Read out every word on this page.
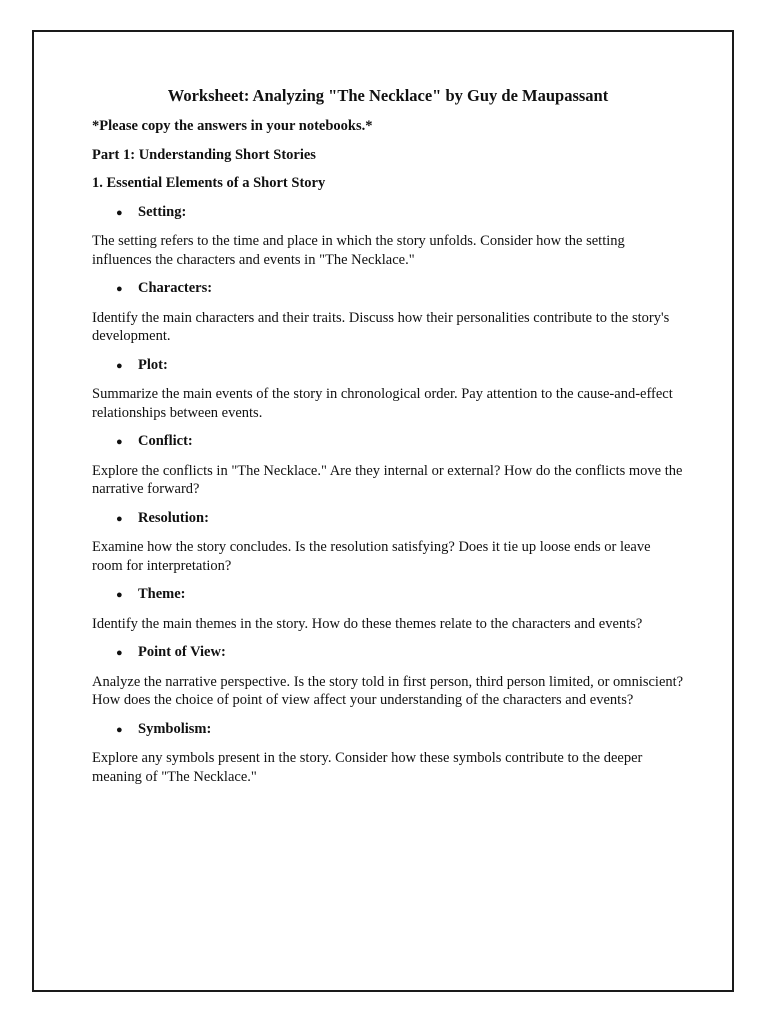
Worksheet: Analyzing "The Necklace" by Guy de Maupassant
*Please copy the answers in your notebooks.*
Part 1: Understanding Short Stories
1. Essential Elements of a Short Story
●	Setting:
The setting refers to the time and place in which the story unfolds. Consider how the setting influences the characters and events in "The Necklace."
●	Characters:
Identify the main characters and their traits. Discuss how their personalities contribute to the story's development.
●	Plot:
Summarize the main events of the story in chronological order. Pay attention to the cause-and-effect relationships between events.
●	Conflict:
Explore the conflicts in "The Necklace." Are they internal or external? How do the conflicts move the narrative forward?
●	Resolution:
Examine how the story concludes. Is the resolution satisfying? Does it tie up loose ends or leave room for interpretation?
●	Theme:
Identify the main themes in the story. How do these themes relate to the characters and events?
●	Point of View:
Analyze the narrative perspective. Is the story told in first person, third person limited, or omniscient? How does the choice of point of view affect your understanding of the characters and events?
●	Symbolism:
Explore any symbols present in the story. Consider how these symbols contribute to the deeper meaning of "The Necklace."
